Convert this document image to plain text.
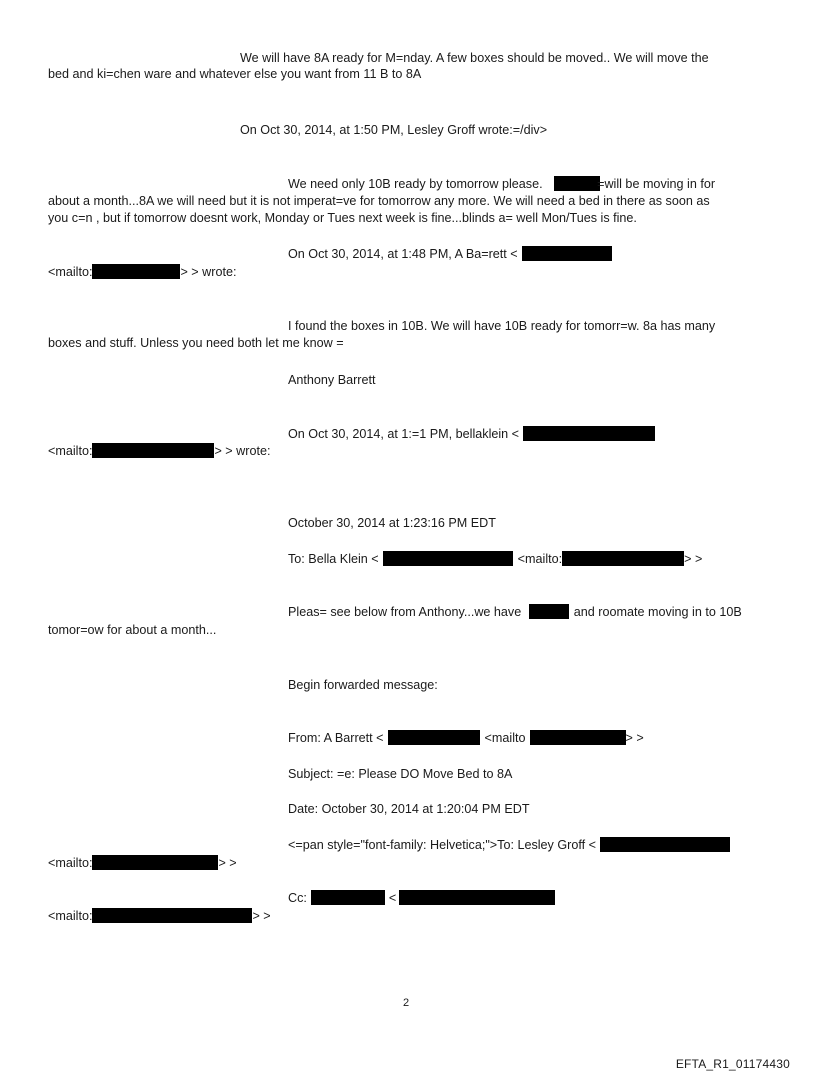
We will have 8A ready for M=nday. A few boxes should be moved.. We will move the
bed and ki=chen ware and whatever else you want from 11 B to 8A
On Oct 30, 2014, at 1:50 PM, Lesley Groff wrote:=/div>
We need only 10B ready by tomorrow please.	=will be moving in for
about a month...8A we will need but it is not imperat=ve for tomorrow any more. We will need a bed in there as soon as
you c=n , but if tomorrow doesnt work, Monday or Tues next week is fine...blinds a= well Mon/Tues is fine.
On Oct 30, 2014, at 1:48 PM, A Ba=rett <
<mailto:	> > wrote:
I found the boxes in 10B. We will have 10B ready for tomorr=w. 8a has many
boxes and stuff. Unless you need both let me know =
Anthony Barrett
On Oct 30, 2014, at 1:=1 PM, bellaklein <
<mailto:	> > wrote:
October 30, 2014 at 1:23:16 PM EDT
To: Bella Klein <	<mailto:	> >
Pleas= see below from Anthony...we have	and roomate moving in to 10B
tomor=ow for about a month...
Begin forwarded message:
From: A Barrett <	<mailto	> >
Subject: =e: Please DO Move Bed to 8A
Date: October 30, 2014 at 1:20:04 PM EDT
<=pan style="font-family: Helvetica;">To: Lesley Groff <
<mailto:	> >
Cc:	<
<mailto:	> >
2
EFTA_R1_01174430
